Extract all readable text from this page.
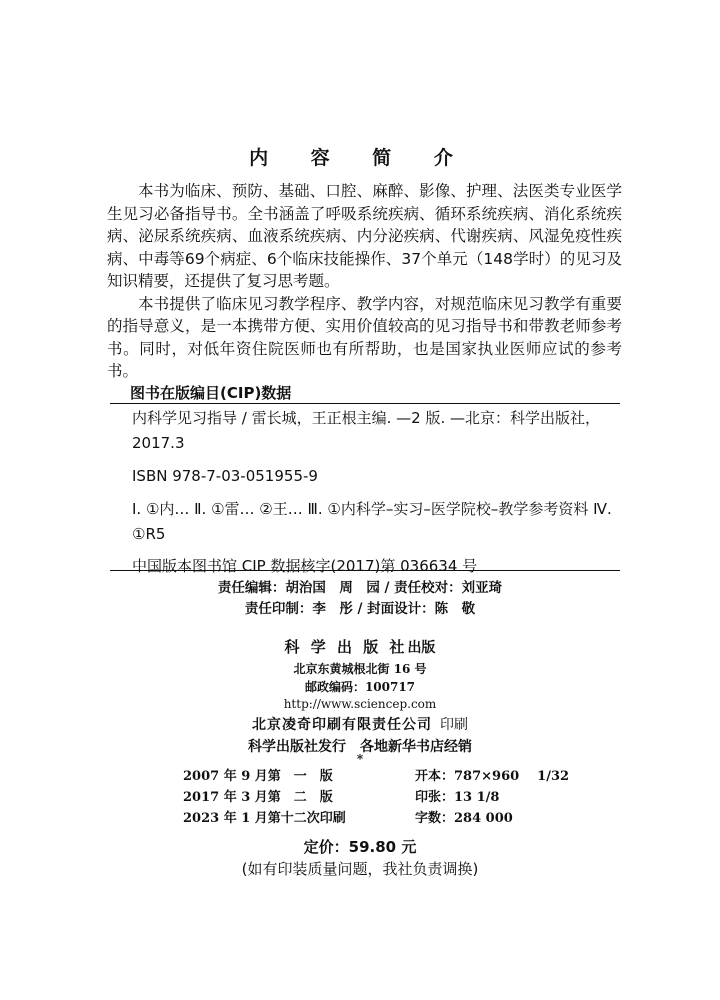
内 容 简 介

本书为临床、预防、基础、口腔、麻醉、影像、护理、法医类专业医学生见习必备指导书。全书涵盖了呼吸系统疾病、循环系统疾病、消化系统疾病、泌尿系统疾病、血液系统疾病、内分泌疾病、代谢疾病、风湿免疫性疾病、中毒等69个病症、6个临床技能操作、37个单元（148学时）的见习及知识精要，还提供了复习思考题。

本书提供了临床见习教学程序、教学内容，对规范临床见习教学有重要的指导意义，是一本携带方便、实用价值较高的见习指导书和带教老师参考书。同时，对低年资住院医师也有所帮助，也是国家执业医师应试的参考书。

图书在版编目(CIP)数据

内科学见习指导 / 雷长城，王正根主编. —2 版. —北京：科学出版社，2017.3

ISBN 978-7-03-051955-9

Ⅰ. ①内… Ⅱ. ①雷… ②王… Ⅲ. ①内科学–实习–医学院校–教学参考资料 Ⅳ. ①R5

中国版本图书馆 CIP 数据核字(2017)第 036634 号

责任编辑：胡治国　周　园 / 责任校对：刘亚琦
责任印制：李　彤 / 封面设计：陈　敬
科 学 出 版 社出版
北京东黄城根北街 16 号
邮政编码：100717
http://www.sciencep.com
北京凌奇印刷有限责任公司 印刷
科学出版社发行　各地新华书店经销
*
2007 年 9 月第　一　版	开本：787×960 1/32
2017 年 3 月第　二　版	印张：13 1/8
2023 年 1 月第十二次印刷	字数：284 000
定价：59.80 元
(如有印装质量问题，我社负责调换)
